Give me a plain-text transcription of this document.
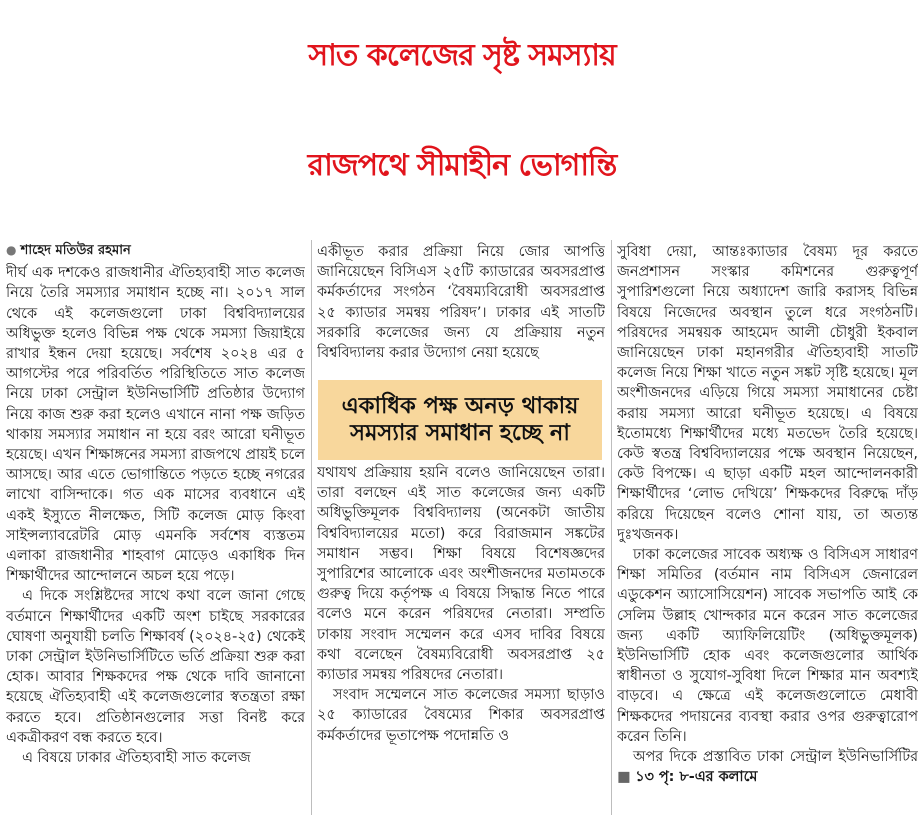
সাত কলেজের সৃষ্ট সমস্যায়
রাজপথে সীমাহীন ভোগান্তি
● শাহেদ মতিউর রহমান

দীর্ঘ এক দশকেও রাজধানীর ঐতিহ্যবাহী সাত কলেজ নিয়ে তৈরি সমস্যার সমাধান হচ্ছে না। ২০১৭ সাল থেকে এই কলেজগুলো ঢাকা বিশ্ববিদ্যালয়ের অধিভুক্ত হলেও বিভিন্ন পক্ষ থেকে সমস্যা জিয়াইয়ে রাখার ইন্ধন দেয়া হয়েছে। সর্বশেষ ২০২৪ এর ৫ আগস্টের পরে পরিবর্তিত পরিস্থিতিতে সাত কলেজ নিয়ে ঢাকা সেন্ট্রাল ইউনিভার্সিটি প্রতিষ্ঠার উদ্যোগ নিয়ে কাজ শুরু করা হলেও এখানে নানা পক্ষ জড়িত থাকায় সমস্যার সমাধান না হয়ে বরং আরো ঘনীভূত হয়েছে। এখন শিক্ষাঙ্গনের সমস্যা রাজপথে প্রায়ই চলে আসছে। আর এতে ভোগান্তিতে পড়তে হচ্ছে নগরের লাখো বাসিন্দাকে। গত এক মাসের ব্যবধানে এই একই ইস্যুতে নীলক্ষেত, সিটি কলেজ মোড় কিংবা সাইন্সল্যাবরেটরি মোড় এমনকি সর্বশেষ ব্যস্ততম এলাকা রাজধানীর শাহবাগ মোড়েও একাধিক দিন শিক্ষার্থীদের আন্দোলনে অচল হয়ে পড়ে।

এ দিকে সংশ্লিষ্টদের সাথে কথা বলে জানা গেছে বর্তমানে শিক্ষার্থীদের একটি অংশ চাইছে সরকারের ঘোষণা অনুযায়ী চলতি শিক্ষাবর্ষ (২০২৪-২৫) থেকেই ঢাকা সেন্ট্রাল ইউনিভার্সিটিতে ভর্তি প্রক্রিয়া শুরু করা হোক। আবার শিক্ষকদের পক্ষ থেকে দাবি জানানো হয়েছে ঐতিহ্যবাহী এই কলেজগুলোর স্বতন্ত্রতা রক্ষা করতে হবে। প্রতিষ্ঠানগুলোর সত্তা বিনষ্ট করে একত্রীকরণ বন্ধ করতে হবে।

এ বিষয়ে ঢাকার ঐতিহ্যবাহী সাত কলেজ

একীভূত করার প্রক্রিয়া নিয়ে জোর আপত্তি জানিয়েছেন বিসিএস ২৫টি ক্যাডারের অবসরপ্রাপ্ত কর্মকর্তাদের সংগঠন ‘বৈষম্যবিরোধী অবসরপ্রাপ্ত ২৫ ক্যাডার সমন্বয় পরিষদ’। ঢাকার এই সাতটি সরকারি কলেজের জন্য যে প্রক্রিয়ায় নতুন বিশ্ববিদ্যালয় করার উদ্যোগ নেয়া হয়েছে

একাধিক পক্ষ অনড় থাকায় সমস্যার সমাধান হচ্ছে না

যথাযথ প্রক্রিয়ায় হয়নি বলেও জানিয়েছেন তারা। তারা বলছেন এই সাত কলেজের জন্য একটি অধিভুক্তিমূলক বিশ্ববিদ্যালয় (অনেকটা জাতীয় বিশ্ববিদ্যালয়ের মতো) করে বিরাজমান সঙ্কটের সমাধান সম্ভব। শিক্ষা বিষয়ে বিশেষজ্ঞদের সুপারিশের আলোকে এবং অংশীজনদের মতামতকে গুরুত্ব দিয়ে কর্তৃপক্ষ এ বিষয়ে সিদ্ধান্ত নিতে পারে বলেও মনে করেন পরিষদের নেতারা। সম্প্রতি ঢাকায় সংবাদ সম্মেলন করে এসব দাবির বিষয়ে কথা বলেছেন বৈষম্যবিরোধী অবসরপ্রাপ্ত ২৫ ক্যাডার সমন্বয় পরিষদের নেতারা।

সংবাদ সম্মেলনে সাত কলেজের সমস্যা ছাড়াও ২৫ ক্যাডারের বৈষম্যের শিকার অবসরপ্রাপ্ত কর্মকর্তাদের ভূতাপেক্ষ পদোন্নতি ও

সুবিধা দেয়া, আন্তঃক্যাডার বৈষম্য দূর করতে জনপ্রশাসন সংস্কার কমিশনের গুরুত্বপূর্ণ সুপারিশগুলো নিয়ে অধ্যাদেশ জারি করাসহ বিভিন্ন বিষয়ে নিজেদের অবস্থান তুলে ধরে সংগঠনটি। পরিষদের সমন্বয়ক আহমেদ আলী চৌধুরী ইকবাল জানিয়েছেন ঢাকা মহানগরীর ঐতিহ্যবাহী সাতটি কলেজ নিয়ে শিক্ষা খাতে নতুন সঙ্কট সৃষ্টি হয়েছে। মূল অংশীজনদের এড়িয়ে গিয়ে সমস্যা সমাধানের চেষ্টা করায় সমস্যা আরো ঘনীভূত হয়েছে। এ বিষয়ে ইতোমধ্যে শিক্ষার্থীদের মধ্যে মতভেদ তৈরি হয়েছে। কেউ স্বতন্ত্র বিশ্ববিদ্যালয়ের পক্ষে অবস্থান নিয়েছেন, কেউ বিপক্ষে। এ ছাড়া একটি মহল আন্দোলনকারী শিক্ষার্থীদের ‘লোভ দেখিয়ে’ শিক্ষকদের বিরুদ্ধে দাঁড় করিয়ে দিয়েছেন বলেও শোনা যায়, তা অত্যন্ত দুঃখজনক।

ঢাকা কলেজের সাবেক অধ্যক্ষ ও বিসিএস সাধারণ শিক্ষা সমিতির (বর্তমান নাম বিসিএস জেনারেল এডুকেশন অ্যাসোসিয়েশন) সাবেক সভাপতি আই কে সেলিম উল্লাহ খোন্দকার মনে করেন সাত কলেজের জন্য একটি অ্যাফিলিয়েটিং (অধিভুক্তমূলক) ইউনিভার্সিটি হোক এবং কলেজগুলোর আর্থিক স্বাধীনতা ও সুযোগ-সুবিধা দিলে শিক্ষার মান অবশ্যই বাড়বে। এ ক্ষেত্রে এই কলেজগুলোতে মেধাবী শিক্ষকদের পদায়নের ব্যবস্থা করার ওপর গুরুত্বারোপ করেন তিনি।

অপর দিকে প্রস্তাবিত ঢাকা সেন্ট্রাল ইউনিভার্সিটির ■ ১৩ পৃ: ৮-এর কলামে
